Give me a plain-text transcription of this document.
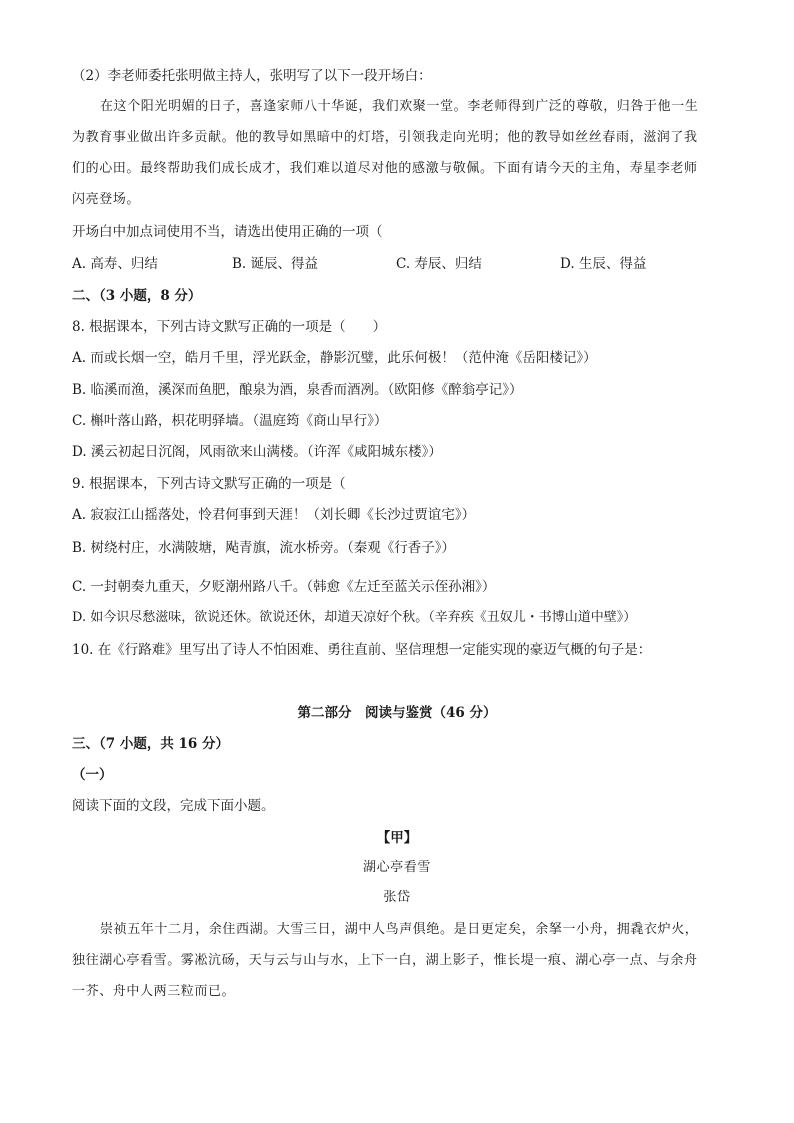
（2）李老师委托张明做主持人，张明写了以下一段开场白：
在这个阳光明媚的日子，喜逢家师八十华诞，我们欢聚一堂。李老师得到广泛的尊敬，归咎于他一生
为教育事业做出许多贡献。他的教导如黑暗中的灯塔，引领我走向光明；他的教导如丝丝春雨，滋润了我
们的心田。最终帮助我们成长成才，我们难以道尽对他的感激与敬佩。下面有请今天的主角，寿星李老师
闪亮登场。
开场白中加点词使用不当，请选出使用正确的一项（
A. 高寿、归结	B. 诞辰、得益	C. 寿辰、归结	D. 生辰、得益
二、（3 小题，8 分）
8. 根据课本，下列古诗文默写正确的一项是（　　）
A. 而或长烟一空，皓月千里，浮光跃金，静影沉璧，此乐何极！（范仲淹《岳阳楼记》）
B. 临溪而渔，溪深而鱼肥，酿泉为酒，泉香而酒冽。（欧阳修《醉翁亭记》）
C. 槲叶落山路，枳花明驿墙。（温庭筠《商山早行》）
D. 溪云初起日沉阁，风雨欲来山满楼。（许浑《咸阳城东楼》）
9. 根据课本，下列古诗文默写正确的一项是（
A. 寂寂江山摇落处，怜君何事到天涯！（刘长卿《长沙过贾谊宅》）
B. 树绕村庄，水满陂塘，飐青旗，流水桥旁。（秦观《行香子》）
C. 一封朝奏九重天，夕贬潮州路八千。（韩愈《左迁至蓝关示侄孙湘》）
D. 如今识尽愁滋味，欲说还休。欲说还休，却道天凉好个秋。（辛弃疾《丑奴儿・书博山道中壁》）
10. 在《行路难》里写出了诗人不怕困难、勇往直前、坚信理想一定能实现的豪迈气概的句子是：
第二部分　阅读与鉴赏（46 分）
三、（7 小题，共 16 分）
（一）
阅读下面的文段，完成下面小题。
【甲】
湖心亭看雪
张岱
崇祯五年十二月，余住西湖。大雪三日，湖中人鸟声俱绝。是日更定矣，余拏一小舟，拥毳衣炉火，
独往湖心亭看雪。雾凇沆砀，天与云与山与水，上下一白，湖上影子，惟长堤一痕、湖心亭一点、与余舟
一芥、舟中人两三粒而已。
